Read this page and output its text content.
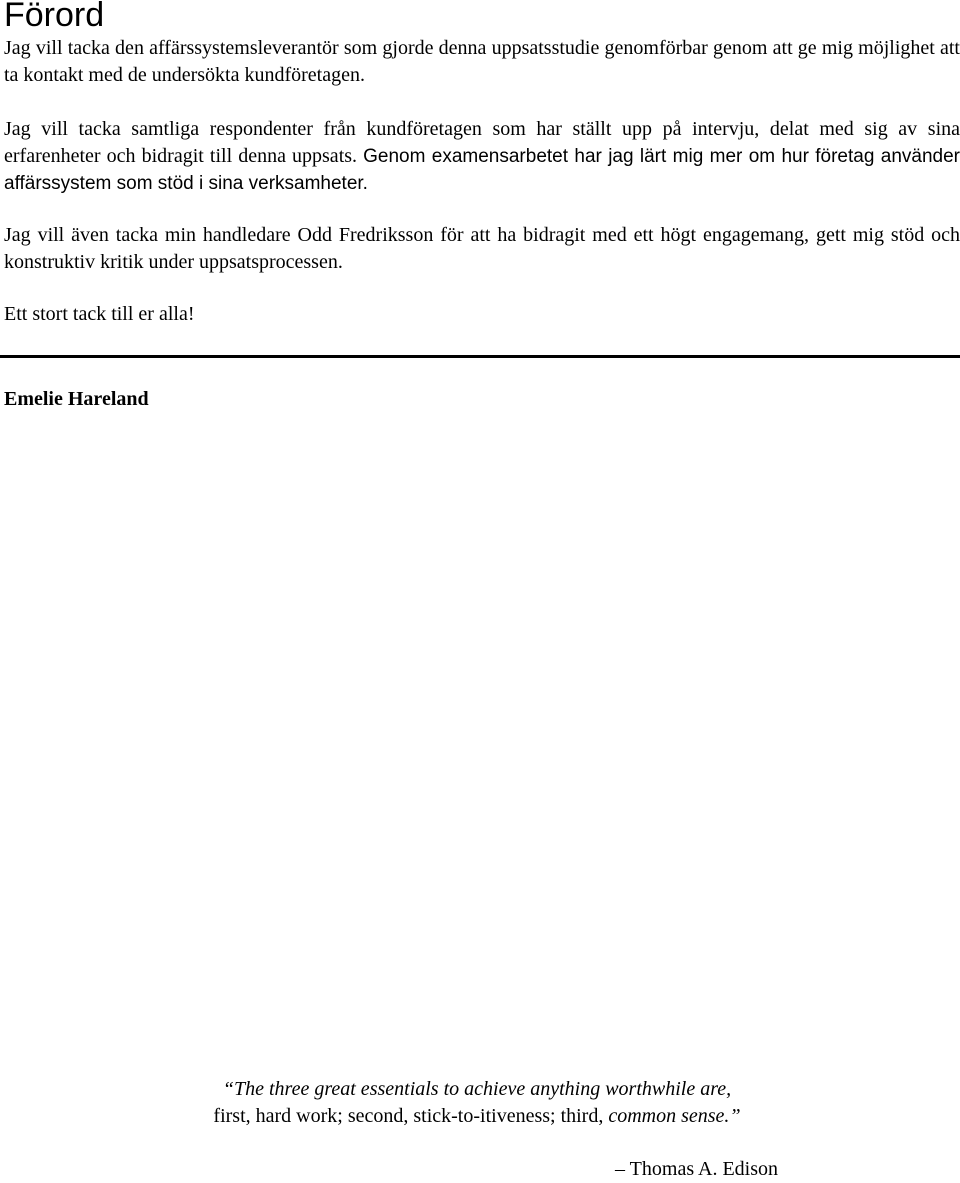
Förord

Jag vill tacka den affärssystemsleverantör som gjorde denna uppsatsstudie genomförbar genom att ge mig möjlighet att ta kontakt med de undersökta kundföretagen.

Jag vill tacka samtliga respondenter från kundföretagen som har ställt upp på intervju, delat med sig av sina erfarenheter och bidragit till denna uppsats. Genom examensarbetet har jag lärt mig mer om hur företag använder affärssystem som stöd i sina verksamheter.

Jag vill även tacka min handledare Odd Fredriksson för att ha bidragit med ett högt engagemang, gett mig stöd och konstruktiv kritik under uppsatsprocessen.

Ett stort tack till er alla!

Emelie Hareland

“The three great essentials to achieve anything worthwhile are,
first, hard work; second, stick-to-itiveness; third, common sense.”

– Thomas A. Edison
